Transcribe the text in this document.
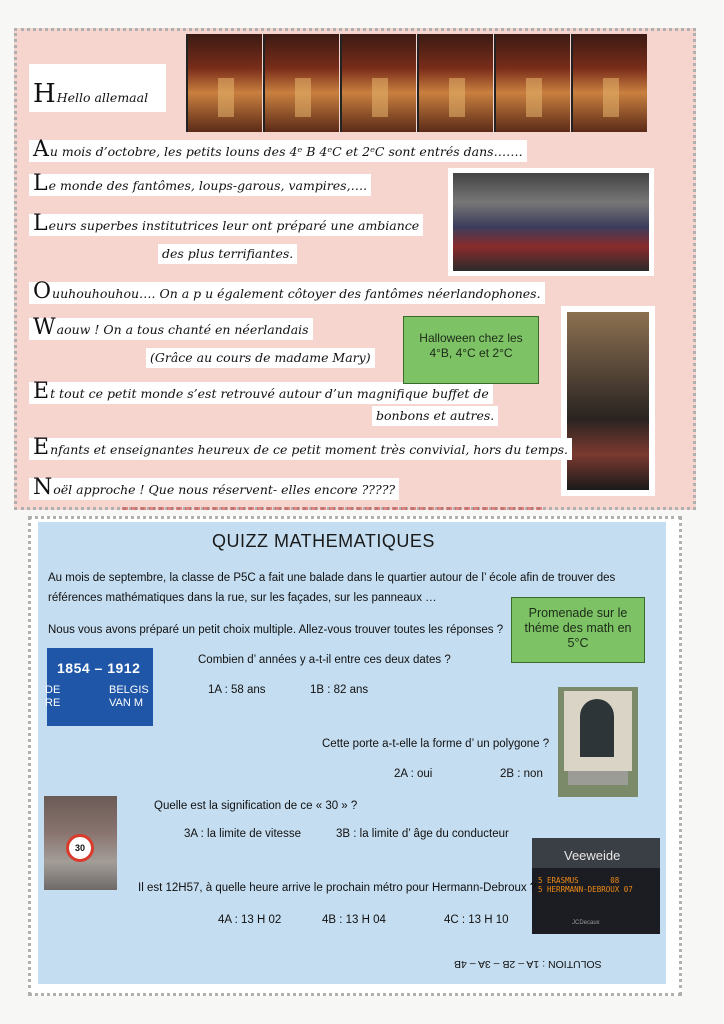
HHello allemaal
Au mois d’octobre, les petits louns des 4ᵉ B 4ᵉC et 2ᵉC sont entrés dans…….
Le monde des fantômes, loups-garous, vampires,….
Leurs superbes institutrices leur ont préparé une ambiance
des plus terrifiantes.
Ouuhouhouhou…. On a p u également côtoyer des fantômes néerlandophones.
Waouw ! On a tous chanté en néerlandais
(Grâce au cours de madame Mary)
Et tout ce petit monde s’est retrouvé autour d’un magnifique buffet de
bonbons et autres.
Enfants et enseignantes heureux de ce petit moment très convivial, hors du temps.
Noël approche ! Que nous réservent- elles encore ?????
Halloween chez les 4°B, 4°C et 2°C
QUIZZ MATHEMATIQUES
Au mois de septembre, la classe de P5C a fait une balade dans le quartier autour de l’ école afin de trouver des
références mathématiques dans la rue, sur les façades, sur les panneaux …
Nous vous avons préparé un petit choix multiple. Allez-vous trouver toutes les réponses ?
Promenade sur le théme des math en 5°C
1854 – 1912
DE
RE
BELGIS
VAN M
Combien d’ années y a-t-il entre ces deux dates ?
1A : 58 ans	1B : 82 ans
Cette porte a-t-elle la forme d’ un polygone ?
2A : oui	2B : non
30
Quelle est la signification de ce « 30 » ?
3A : la limite de vitesse	3B : la limite d’ âge du conducteur
Veeweide
5 ERASMUS       08
5 HERRMANN-DEBROUX 07
JCDecaux
Il est 12H57, à quelle heure arrive le prochain métro pour Hermann-Debroux ?
4A : 13 H 02	4B : 13 H 04	4C : 13 H 10
SOLUTION : 1A – 2B – 3A – 4B
